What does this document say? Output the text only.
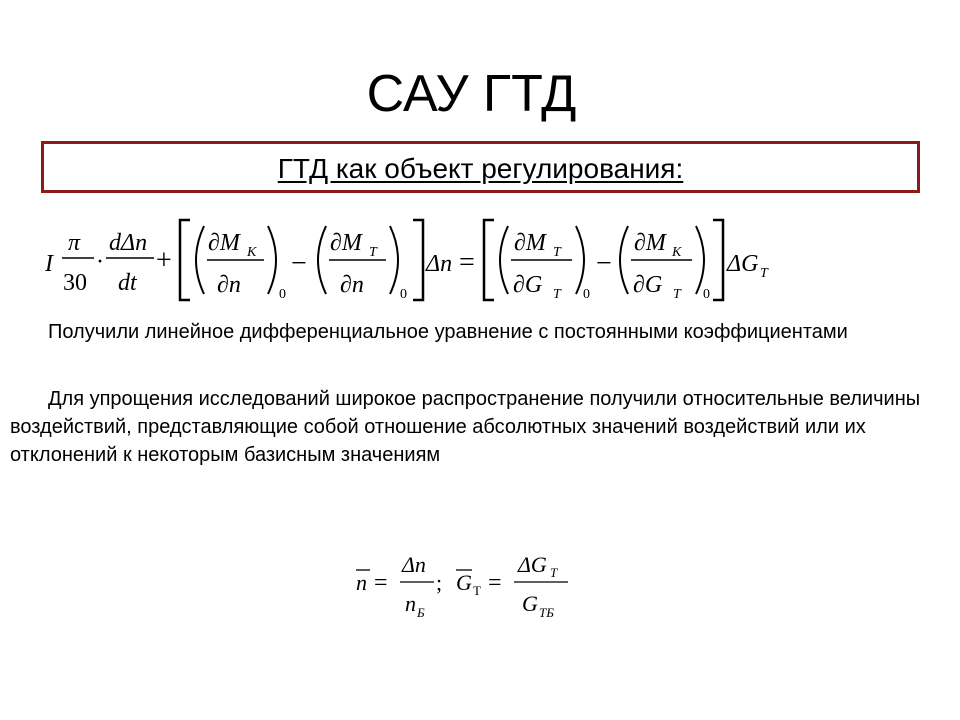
САУ ГТД
ГТД как объект регулирования:
I
π
30
·
dΔn
dt
+
∂M K
∂n	0
−
∂M T
∂n	0
Δn =
∂M T
∂G T 0
−
∂M K
∂G T 0
ΔG T
Получили линейное дифференциальное уравнение с постоянными коэффициентами
Для упрощения исследований широкое распространение получили относительные величины воздействий, представляющие собой отношение абсолютных значений воздействий или их отклонений к некоторым базисным значениям
n =
Δn
n Б
; G Т =
ΔG T
G ТБ
